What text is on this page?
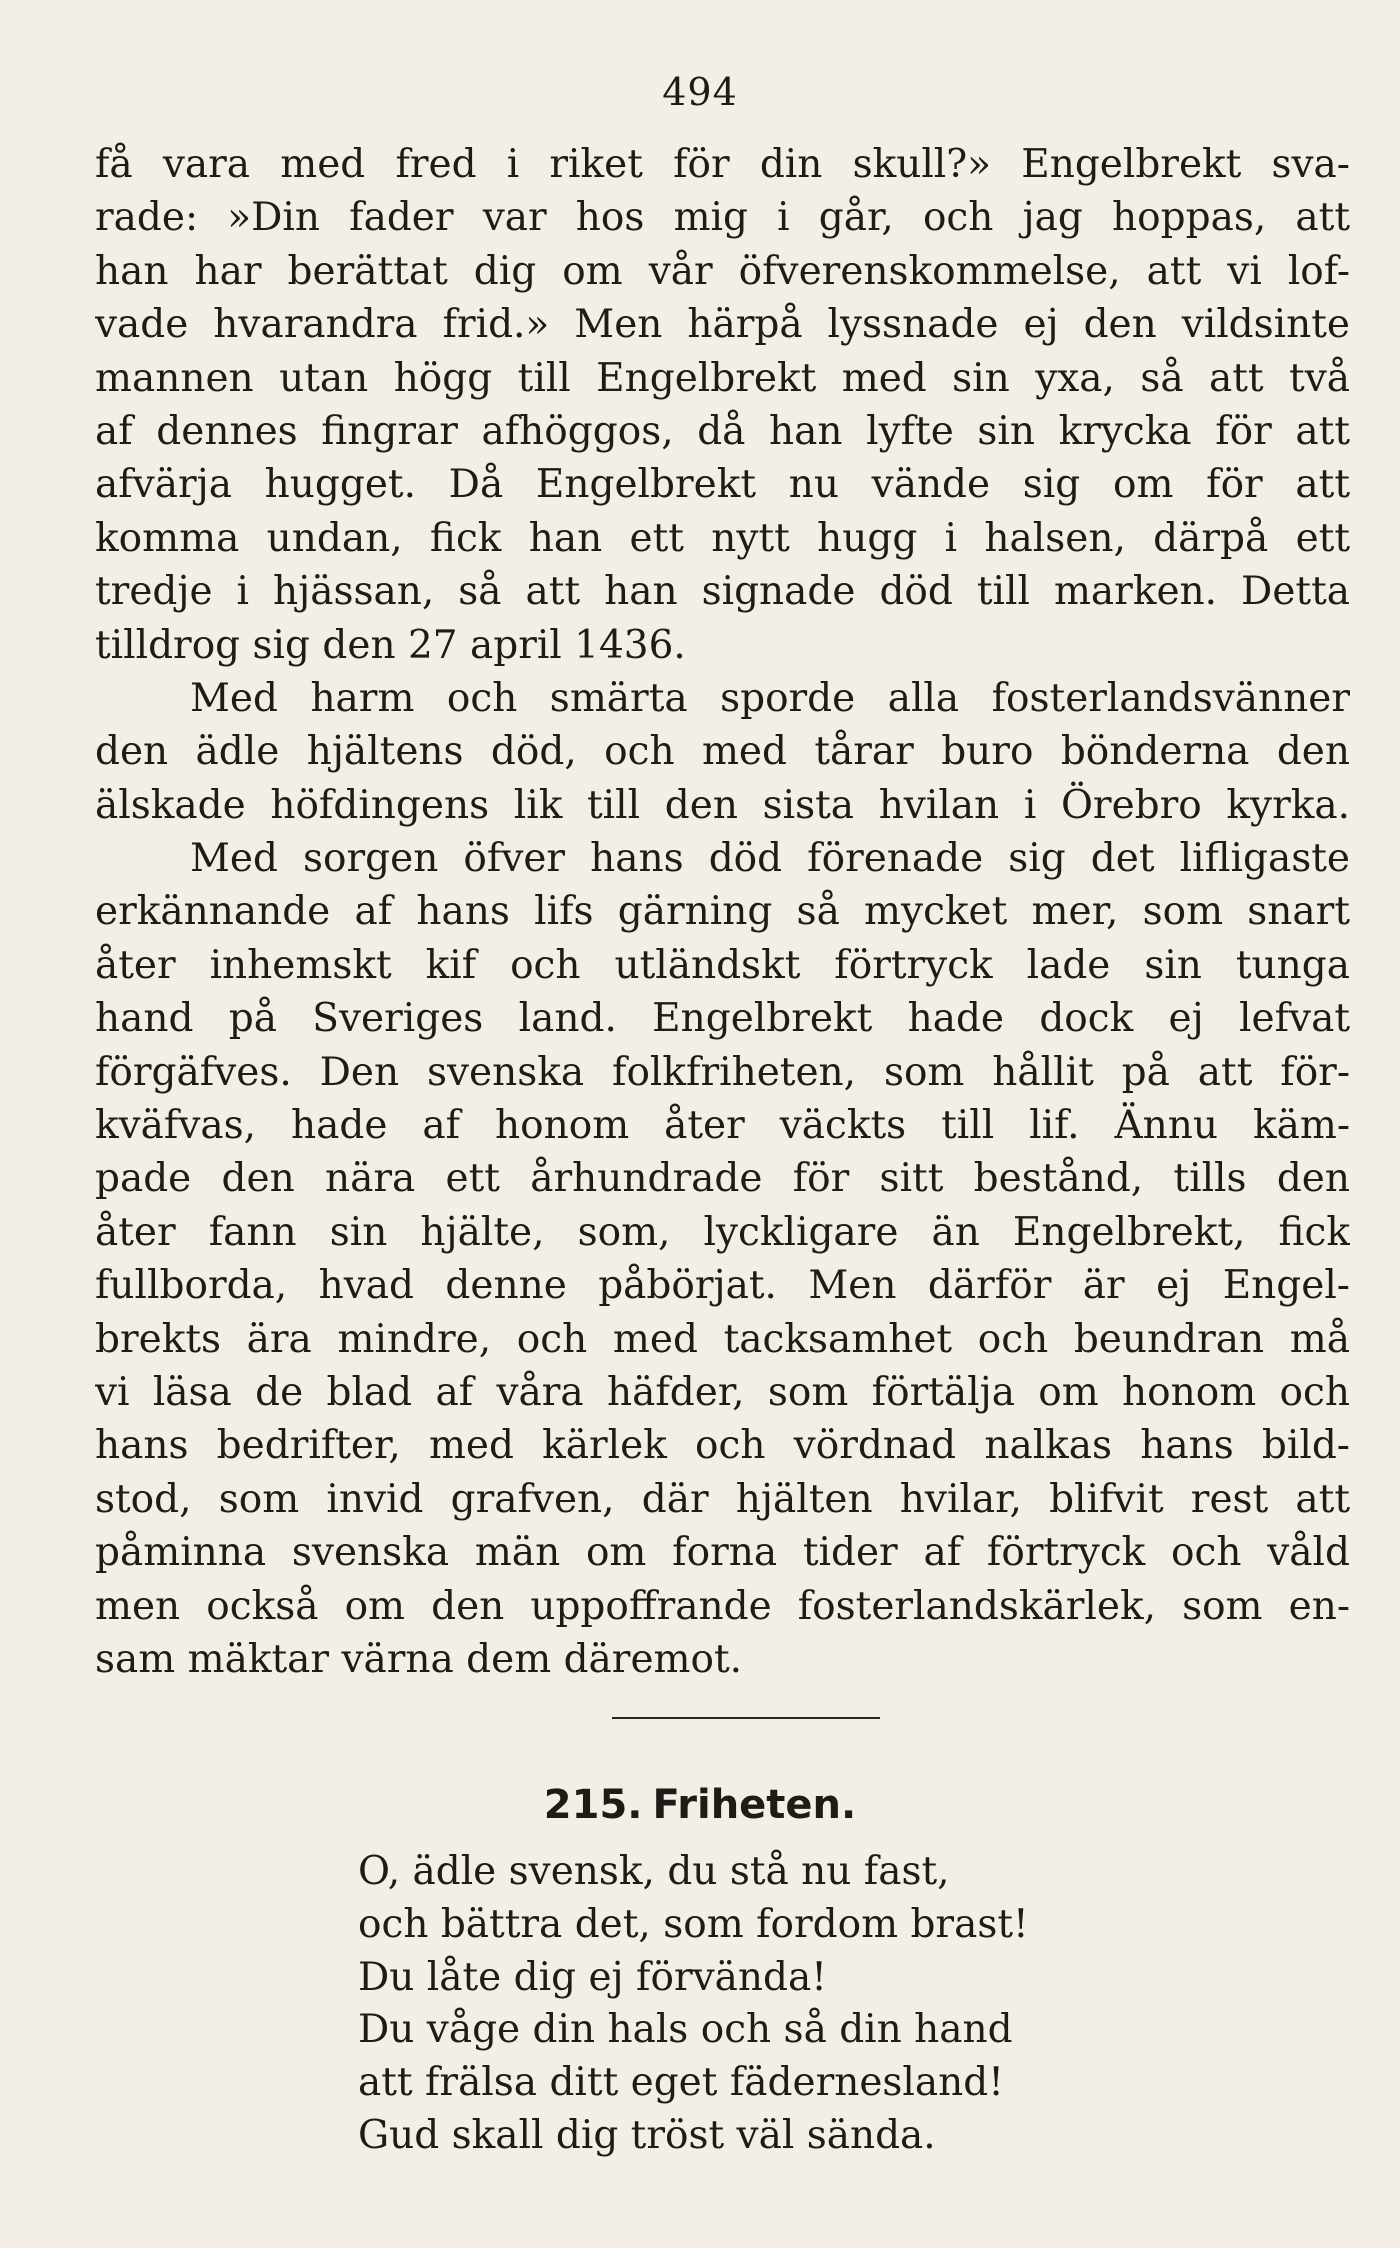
494
få vara med fred i riket för din skull?» Engelbrekt sva-
rade: »Din fader var hos mig i går, och jag hoppas, att
han har berättat dig om vår öfverenskommelse, att vi lof-
vade hvarandra frid.» Men härpå lyssnade ej den vildsinte
mannen utan högg till Engelbrekt med sin yxa, så att två
af dennes fingrar afhöggos, då han lyfte sin krycka för att
afvärja hugget. Då Engelbrekt nu vände sig om för att
komma undan, fick han ett nytt hugg i halsen, därpå ett
tredje i hjässan, så att han signade död till marken. Detta
tilldrog sig den 27 april 1436.
Med harm och smärta sporde alla fosterlandsvänner
den ädle hjältens död, och med tårar buro bönderna den
älskade höfdingens lik till den sista hvilan i Örebro kyrka.
Med sorgen öfver hans död förenade sig det lifligaste
erkännande af hans lifs gärning så mycket mer, som snart
åter inhemskt kif och utländskt förtryck lade sin tunga
hand på Sveriges land. Engelbrekt hade dock ej lefvat
förgäfves. Den svenska folkfriheten, som hållit på att för-
kväfvas, hade af honom åter väckts till lif. Ännu käm-
pade den nära ett århundrade för sitt bestånd, tills den
åter fann sin hjälte, som, lyckligare än Engelbrekt, fick
fullborda, hvad denne påbörjat. Men därför är ej Engel-
brekts ära mindre, och med tacksamhet och beundran må
vi läsa de blad af våra häfder, som förtälja om honom och
hans bedrifter, med kärlek och vördnad nalkas hans bild-
stod, som invid grafven, där hjälten hvilar, blifvit rest att
påminna svenska män om forna tider af förtryck och våld
men också om den uppoffrande fosterlandskärlek, som en-
sam mäktar värna dem däremot.
215. Friheten.
O, ädle svensk, du stå nu fast,
och bättra det, som fordom brast!
Du låte dig ej förvända!
Du våge din hals och så din hand
att frälsa ditt eget fädernesland!
Gud skall dig tröst väl sända.
